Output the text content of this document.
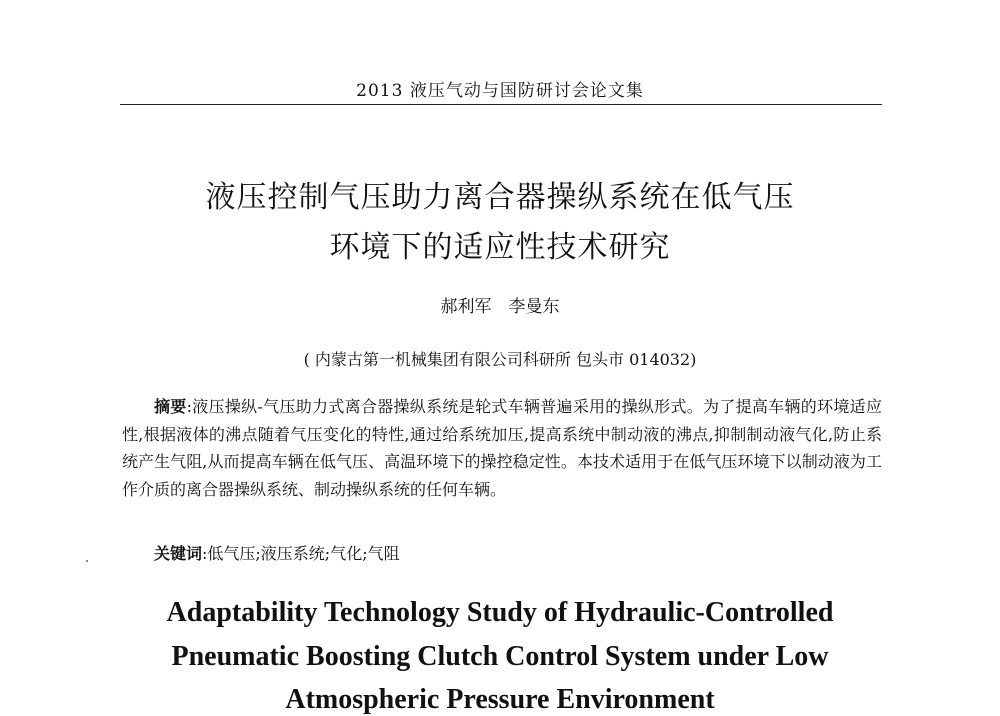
2013 液压气动与国防研讨会论文集
液压控制气压助力离合器操纵系统在低气压
环境下的适应性技术研究
郝利军　李曼东
( 内蒙古第一机械集团有限公司科研所 包头市 014032)
摘要:液压操纵-气压助力式离合器操纵系统是轮式车辆普遍采用的操纵形式。为了提高车辆的环境适应性,根据液体的沸点随着气压变化的特性,通过给系统加压,提高系统中制动液的沸点,抑制制动液气化,防止系统产生气阻,从而提高车辆在低气压、高温环境下的操控稳定性。本技术适用于在低气压环境下以制动液为工作介质的离合器操纵系统、制动操纵系统的任何车辆。
关键词:低气压;液压系统;气化;气阻
Adaptability Technology Study of Hydraulic-Controlled
Pneumatic Boosting Clutch Control System under Low
Atmospheric Pressure Environment
